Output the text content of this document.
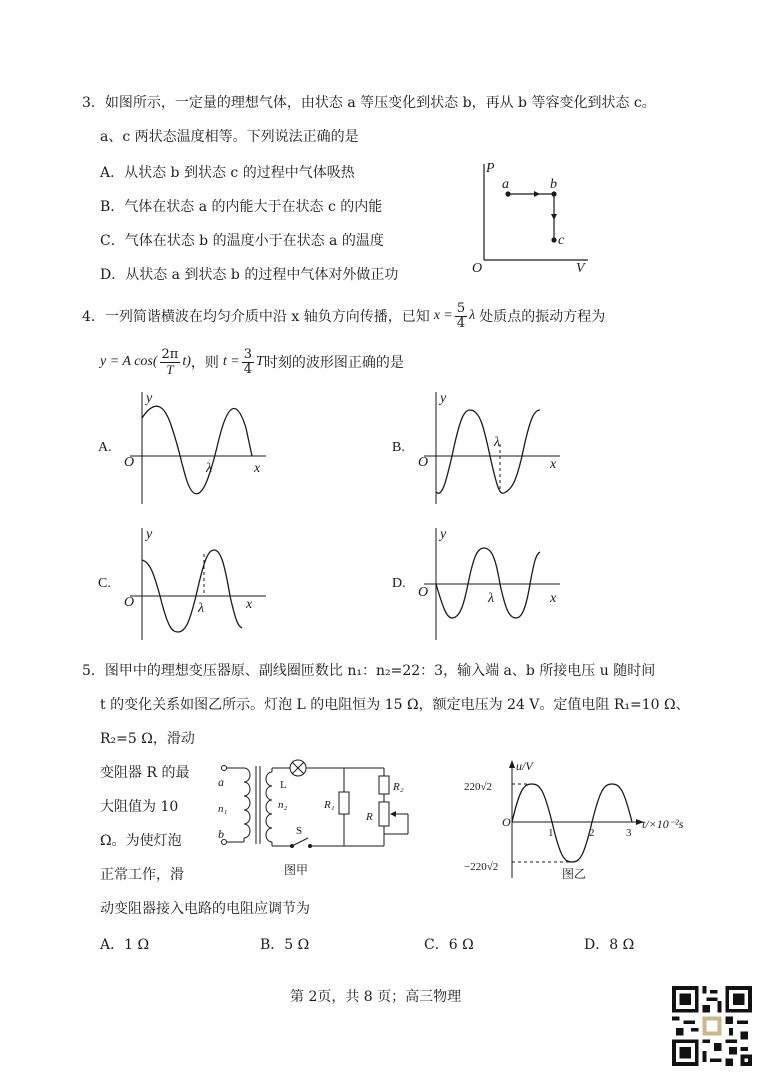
3．如图所示，一定量的理想气体，由状态 a 等压变化到状态 b，再从 b 等容变化到状态 c。
a、c 两状态温度相等。下列说法正确的是
A．从状态 b 到状态 c 的过程中气体吸热
B．气体在状态 a 的内能大于在状态 c 的内能
C．气体在状态 b 的温度小于在状态 a 的温度
D．从状态 a 到状态 b 的过程中气体对外做正功
P
V
O
a	b
c
4． 一列简谐横波在均匀介质中沿 x 轴负方向传播，已知 $x = \frac{5}{4}$ λ 处质点的振动方程为
y = A $\cos( \frac{2\pi}{T} t)$ ，则 $t = \frac{3}{4}$ T 时刻的波形图正确的是
A.	B.
C.	D.
y
x
O	λ
y
x
O
λ
y
x
O	λ
y
x
O	λ
5．图甲中的理想变压器原、副线圈匝数比 n₁：n₂=22：3，输入端 a、b 所接电压 u 随时间
t 的变化关系如图乙所示。灯泡 L 的电阻恒为 15 Ω，额定电压为 24 V。定值电阻 R₁=10 Ω、
R₂=5 Ω，滑动
变阻器 R 的最
大阻值为 10
Ω。为使灯泡
正常工作，滑
动变阻器接入电路的电阻应调节为
A．1 Ω	B．5 Ω	C．6 Ω	D．8 Ω
a
b
n₁	n₂
L
S
R₁
R₂
R
图甲
u/V
t/×10⁻²s
O
220√2
−220√2
1	2	3
图乙
第 2页，共 8 页；高三物理
